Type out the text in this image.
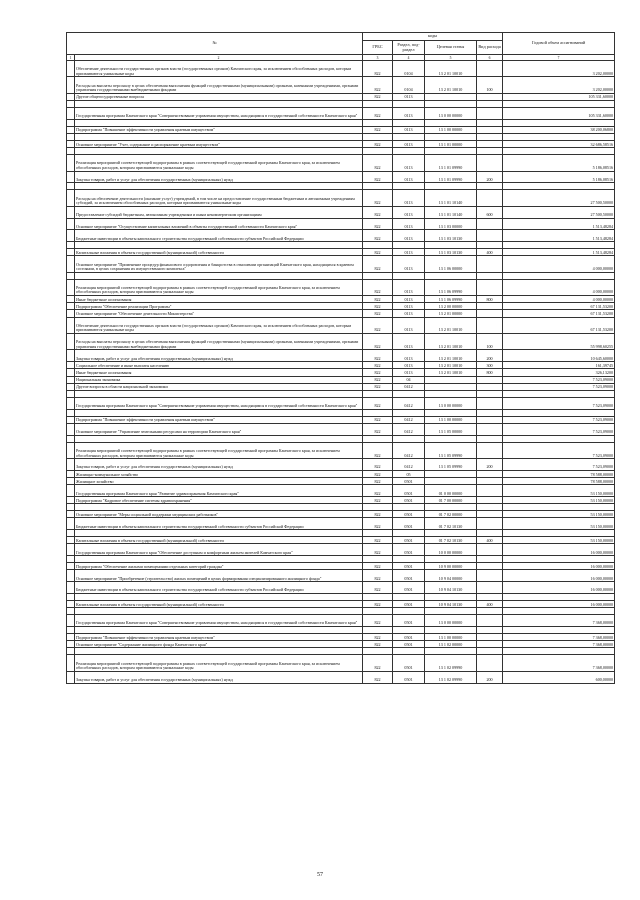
№		коды				Годовой объем ассигнований
		ГРБС	Раздел, под-раздел	Целевая статья	Вид расхода	
1	2	3	4	5	6	7
	Обеспечение деятельности государственных органов власти (государственных органов) Камчатского края, за исключением обособленных расходов, которым присваиваются уникальные коды	822	0104	13 2 01 10010		3 202,00000
	Расходы на выплаты персоналу в целях обеспечения выполнения функций государственными (муниципальными) органами, казенными учреждениями, органами управления государственными внебюджетными фондами	822	0104	13 2 01 10010	100	3 202,00000
	Другие общегосударственные вопросы	822	0113			105 331,60000

	Государственная программа Камчатского края "Совершенствование управления имуществом, находящимся в государственной собственности Камчатского края"	822	0113	13 0 00 00000		105 331,60000

	Подпрограмма "Повышение эффективности управления краевым имуществом"	822	0113	13 1 00 00000		38 200,06800

	Основное мероприятие "Учет, содержание и распоряжение краевым имуществом"	822	0113	13 1 01 00000		32 686,58516

	Реализация мероприятий соответствующей подпрограммы в рамках соответствующей государственной программы Камчатского края, за исключением обособленных расходов, которым присваиваются уникальные коды	822	0113	13 1 01 09990		5 186,08516
	Закупка товаров, работ и услуг для обеспечения государственных (муниципальных) нужд	822	0113	13 1 01 09990	200	5 186,08516

	Расходы на обеспечение деятельности (оказание услуг) учреждений, в том числе на предоставление государственным бюджетным и автономным учреждениям субсидий, за исключением обособленных расходов, которым присваиваются уникальные коды	822	0113	13 1 01 10140		27 500,50000
	Предоставление субсидий бюджетным, автономным учреждениям и иным некоммерческим организациям	822	0113	13 1 01 10140	600	27 500,50000
	Основное мероприятие "Осуществление капитальных вложений в объекты государственной собственности Камчатского края"	822	0113	13 1 03 00000		1 513,48284
	Бюджетные инвестиции в объекты капитального строительства государственной собственности субъектов Российской Федерации	822	0113	13 1 03 10130		1 513,48284

	Капитальные вложения в объекты государственной (муниципальной) собственности	822	0113	13 1 03 10130	400	1 513,48284
	Основное мероприятие "Применение процедур финансового оздоровления и банкротства в отношении организаций Камчатского края, находящихся в краевом состоянии, в целях сохранения их имущественного комплекса"	822	0113	13 1 06 00000		4 000,00000

	Реализация мероприятий соответствующей подпрограммы в рамках соответствующей государственной программы Камчатского края, за исключением обособленных расходов, которым присваиваются уникальные коды	822	0113	13 1 06 09990		4 000,00000
	Иные бюджетные ассигнования	822	0113	13 1 06 09990	800	4 000,00000
	Подпрограмма "Обеспечение реализации Программы"	822	0113	13 2 00 00000		67 131,53200
	Основное мероприятие "Обеспечение деятельности Министерства"	822	0113	13 2 01 00000		67 131,53200
	Обеспечение деятельности государственных органов власти (государственных органов) Камчатского края, за исключением обособленных расходов, которым присваиваются уникальные коды	822	0113	13 2 01 10010		67 131,53200
	Расходы на выплаты персоналу в целях обеспечения выполнения функций государственными (муниципальными) органами, казенными учреждениями, органами управления государственными внебюджетными фондами	822	0113	13 2 01 10010	100	55 998,60255
	Закупка товаров, работ и услуг для обеспечения государственных (муниципальных) нужд	822	0113	13 2 01 10010	200	10 645,60000
	Социальное обеспечение и иные выплаты населению	822	0113	13 2 01 10010	300	161,39745
	Иные бюджетные ассигнования	822	0113	13 2 01 10010	800	326,13200
	Национальная экономика	822	04			7 523,09000
	Другие вопросы в области национальной экономики	822	0412			7 523,09000

	Государственная программа Камчатского края "Совершенствование управления имуществом, находящимся в государственной собственности Камчатского края"	822	0412	13 0 00 00000		7 523,09000

	Подпрограмма "Повышение эффективности управления краевым имуществом"	822	0412	13 1 00 00000		7 523,09000
	Основное мероприятие "Управление земельными ресурсами на территории Камчатского края"	822	0412	13 1 05 00000		7 523,09000

	Реализация мероприятий соответствующей подпрограммы в рамках соответствующей государственной программы Камчатского края, за исключением обособленных расходов, которым присваиваются уникальные коды	822	0412	13 1 05 09990		7 523,09000
	Закупка товаров, работ и услуг для обеспечения государственных (муниципальных) нужд	822	0412	13 1 05 09990	200	7 523,09000
	Жилищно-коммунальное хозяйство	822	05			78 588,00000
	Жилищное хозяйство	822	0501			78 588,00000
	Государственная программа Камчатского края "Развитие здравоохранения Камчатского края"	822	0501	01 0 00 00000		53 150,00000
	Подпрограмма "Кадровое обеспечение системы здравоохранения"	822	0501	01 7 00 00000		53 150,00000

	Основное мероприятие "Меры социальной поддержки медицинских работников"	822	0501	01 7 02 00000		53 150,00000
	Бюджетные инвестиции в объекты капитального строительства государственной собственности субъектов Российской Федерации	822	0501	01 7 02 10130		53 150,00000

	Капитальные вложения в объекты государственной (муниципальной) собственности	822	0501	01 7 02 10130	400	53 150,00000
	Государственная программа Камчатского края "Обеспечение доступным и комфортным жильем жителей Камчатского края"	822	0501	10 0 00 00000		16 000,00000

	Подпрограмма "Обеспечение жилыми помещениями отдельных категорий граждан"	822	0501	10 9 00 00000		16 000,00000
	Основное мероприятие "Приобретение (строительство) жилых помещений в целях формирования специализированного жилищного фонда"	822	0501	10 9 04 00000		16 000,00000
	Бюджетные инвестиции в объекты капитального строительства государственной собственности субъектов Российской Федерации	822	0501	10 9 04 10130		16 000,00000

	Капитальные вложения в объекты государственной (муниципальной) собственности	822	0501	10 9 04 10130	400	16 000,00000

	Государственная программа Камчатского края "Совершенствование управления имуществом, находящимся в государственной собственности Камчатского края"	822	0501	13 0 00 00000		7 368,00000

	Подпрограмма "Повышение эффективности управления краевым имуществом"	822	0501	13 1 00 00000		7 368,00000
	Основное мероприятие "Содержание жилищного фонда Камчатского края"	822	0501	13 1 02 00000		7 368,00000

	Реализация мероприятий соответствующей подпрограммы в рамках соответствующей государственной программы Камчатского края, за исключением обособленных расходов, которым присваиваются уникальные коды	822	0501	13 1 02 09990		7 368,00000
	Закупка товаров, работ и услуг для обеспечения государственных (муниципальных) нужд	822	0501	13 1 02 09990	200	600,00000
57
